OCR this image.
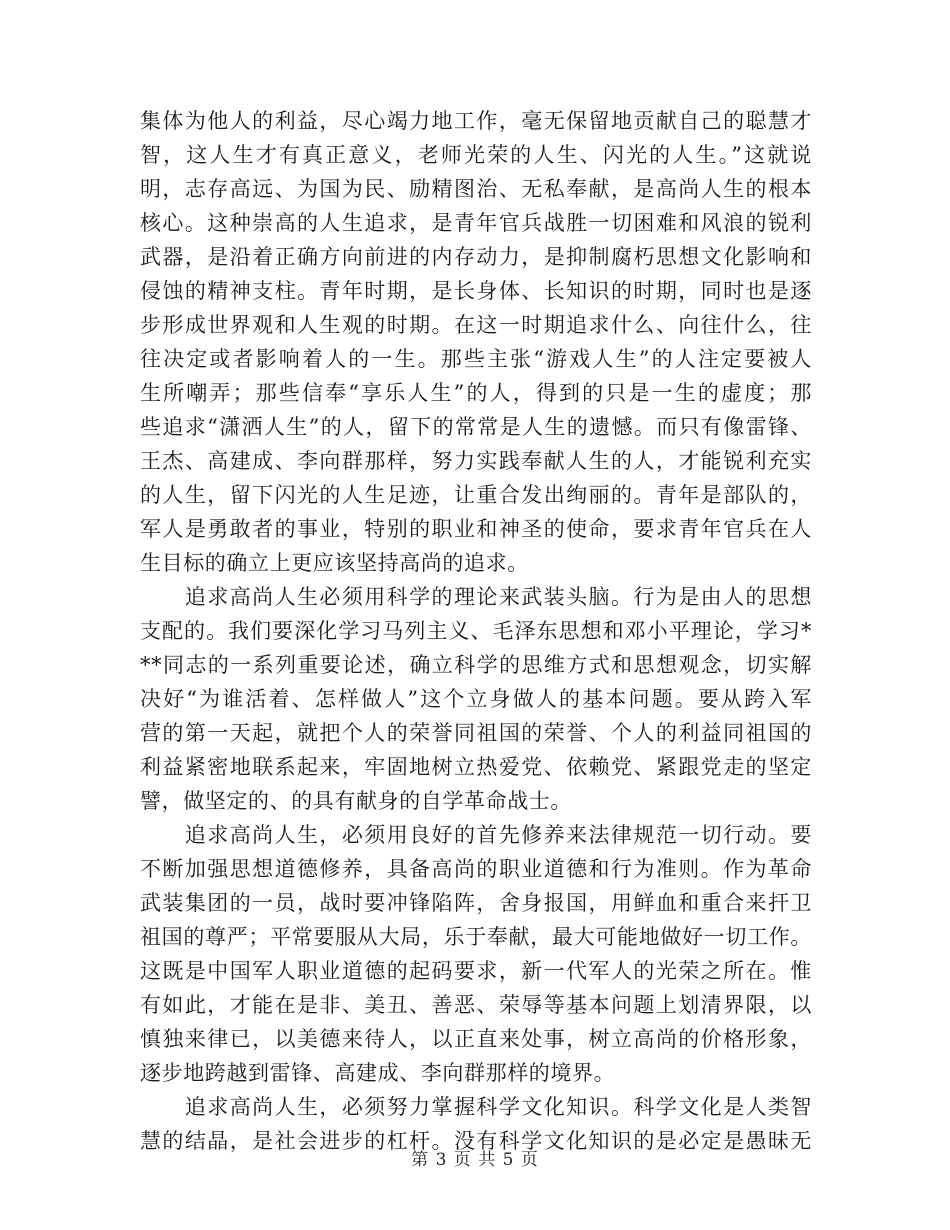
集体为他人的利益，尽心竭力地工作，毫无保留地贡献自己的聪慧才
智，这人生才有真正意义，老师光荣的人生、闪光的人生。”这就说
明，志存高远、为国为民、励精图治、无私奉献，是高尚人生的根本
核心。这种崇高的人生追求，是青年官兵战胜一切困难和风浪的锐利
武器，是沿着正确方向前进的内存动力，是抑制腐朽思想文化影响和
侵蚀的精神支柱。青年时期，是长身体、长知识的时期，同时也是逐
步形成世界观和人生观的时期。在这一时期追求什么、向往什么，往
往决定或者影响着人的一生。那些主张“游戏人生”的人注定要被人
生所嘲弄；那些信奉“享乐人生”的人，得到的只是一生的虚度；那
些追求“潇洒人生”的人，留下的常常是人生的遗憾。而只有像雷锋、
王杰、高建成、李向群那样，努力实践奉献人生的人，才能锐利充实
的人生，留下闪光的人生足迹，让重合发出绚丽的。青年是部队的，
军人是勇敢者的事业，特别的职业和神圣的使命，要求青年官兵在人
生目标的确立上更应该坚持高尚的追求。
　　追求高尚人生必须用科学的理论来武装头脑。行为是由人的思想
支配的。我们要深化学习马列主义、毛泽东思想和邓小平理论，学习*
**同志的一系列重要论述，确立科学的思维方式和思想观念，切实解
决好“为谁活着、怎样做人”这个立身做人的基本问题。要从跨入军
营的第一天起，就把个人的荣誉同祖国的荣誉、个人的利益同祖国的
利益紧密地联系起来，牢固地树立热爱党、依赖党、紧跟党走的坚定
譬，做坚定的、的具有献身的自学革命战士。
　　追求高尚人生，必须用良好的首先修养来法律规范一切行动。要
不断加强思想道德修养，具备高尚的职业道德和行为准则。作为革命
武装集团的一员，战时要冲锋陷阵，舍身报国，用鲜血和重合来扞卫
祖国的尊严；平常要服从大局，乐于奉献，最大可能地做好一切工作。
这既是中国军人职业道德的起码要求，新一代军人的光荣之所在。惟
有如此，才能在是非、美丑、善恶、荣辱等基本问题上划清界限，以
慎独来律已，以美德来待人，以正直来处事，树立高尚的价格形象，
逐步地跨越到雷锋、高建成、李向群那样的境界。
　　追求高尚人生，必须努力掌握科学文化知识。科学文化是人类智
慧的结晶，是社会进步的杠杆。没有科学文化知识的是必定是愚昧无
第 3 页 共 5 页
